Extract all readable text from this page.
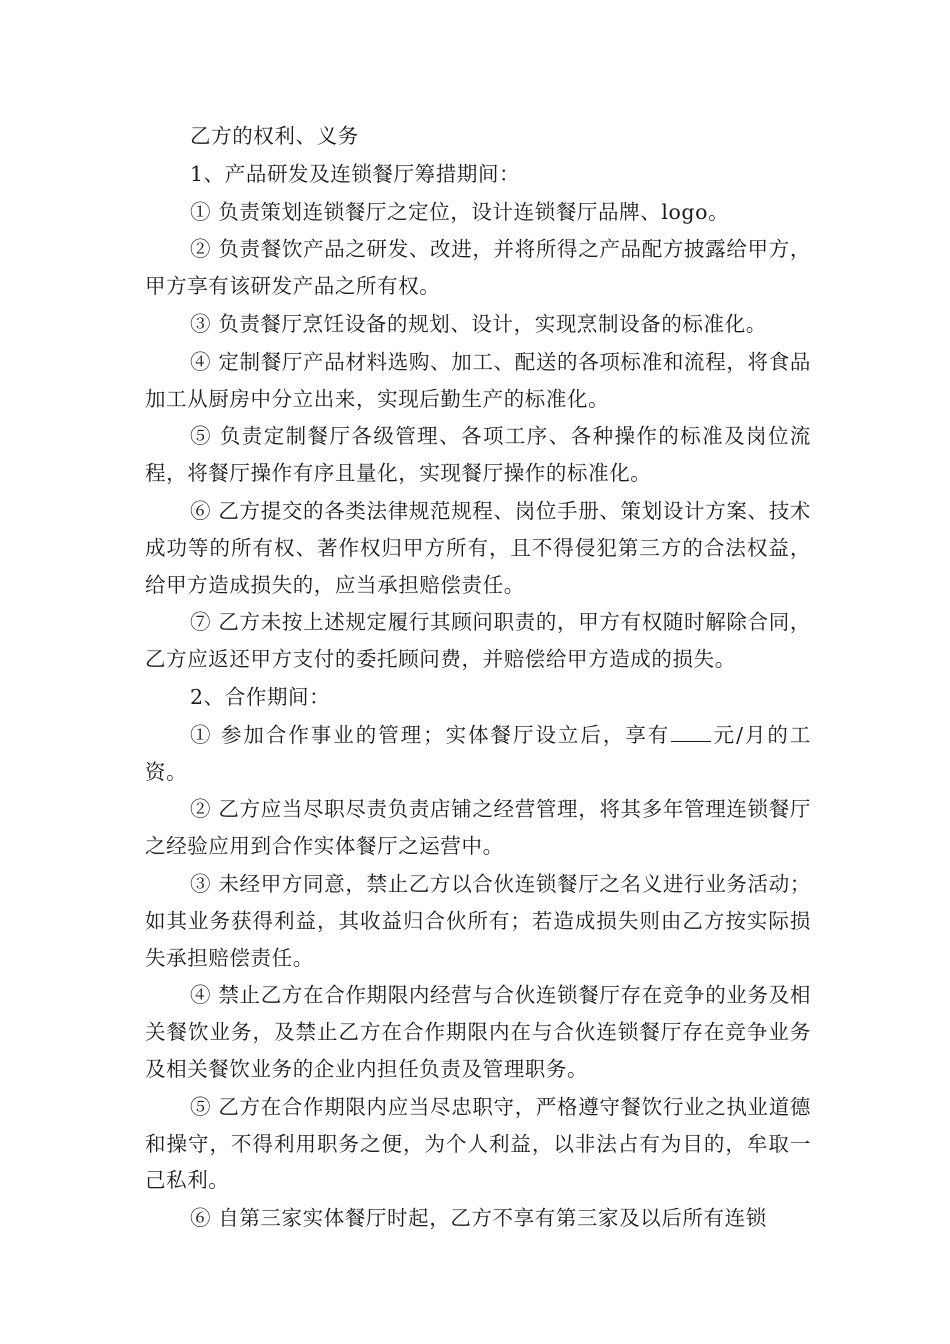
乙方的权利、义务

1、产品研发及连锁餐厅筹措期间：

① 负责策划连锁餐厅之定位，设计连锁餐厅品牌、logo。

② 负责餐饮产品之研发、改进，并将所得之产品配方披露给甲方，甲方享有该研发产品之所有权。

③ 负责餐厅烹饪设备的规划、设计，实现烹制设备的标准化。

④ 定制餐厅产品材料选购、加工、配送的各项标准和流程，将食品加工从厨房中分立出来，实现后勤生产的标准化。

⑤ 负责定制餐厅各级管理、各项工序、各种操作的标准及岗位流程，将餐厅操作有序且量化，实现餐厅操作的标准化。

⑥ 乙方提交的各类法律规范规程、岗位手册、策划设计方案、技术成功等的所有权、著作权归甲方所有，且不得侵犯第三方的合法权益，给甲方造成损失的，应当承担赔偿责任。

⑦ 乙方未按上述规定履行其顾问职责的，甲方有权随时解除合同，乙方应返还甲方支付的委托顾问费，并赔偿给甲方造成的损失。

2、合作期间：

① 参加合作事业的管理；实体餐厅设立后，享有 元/月的工资。

② 乙方应当尽职尽责负责店铺之经营管理，将其多年管理连锁餐厅之经验应用到合作实体餐厅之运营中。

③ 未经甲方同意，禁止乙方以合伙连锁餐厅之名义进行业务活动；如其业务获得利益，其收益归合伙所有；若造成损失则由乙方按实际损失承担赔偿责任。

④ 禁止乙方在合作期限内经营与合伙连锁餐厅存在竞争的业务及相关餐饮业务，及禁止乙方在合作期限内在与合伙连锁餐厅存在竞争业务及相关餐饮业务的企业内担任负责及管理职务。

⑤ 乙方在合作期限内应当尽忠职守，严格遵守餐饮行业之执业道德和操守，不得利用职务之便，为个人利益，以非法占有为目的，牟取一己私利。

⑥ 自第三家实体餐厅时起，乙方不享有第三家及以后所有连锁
